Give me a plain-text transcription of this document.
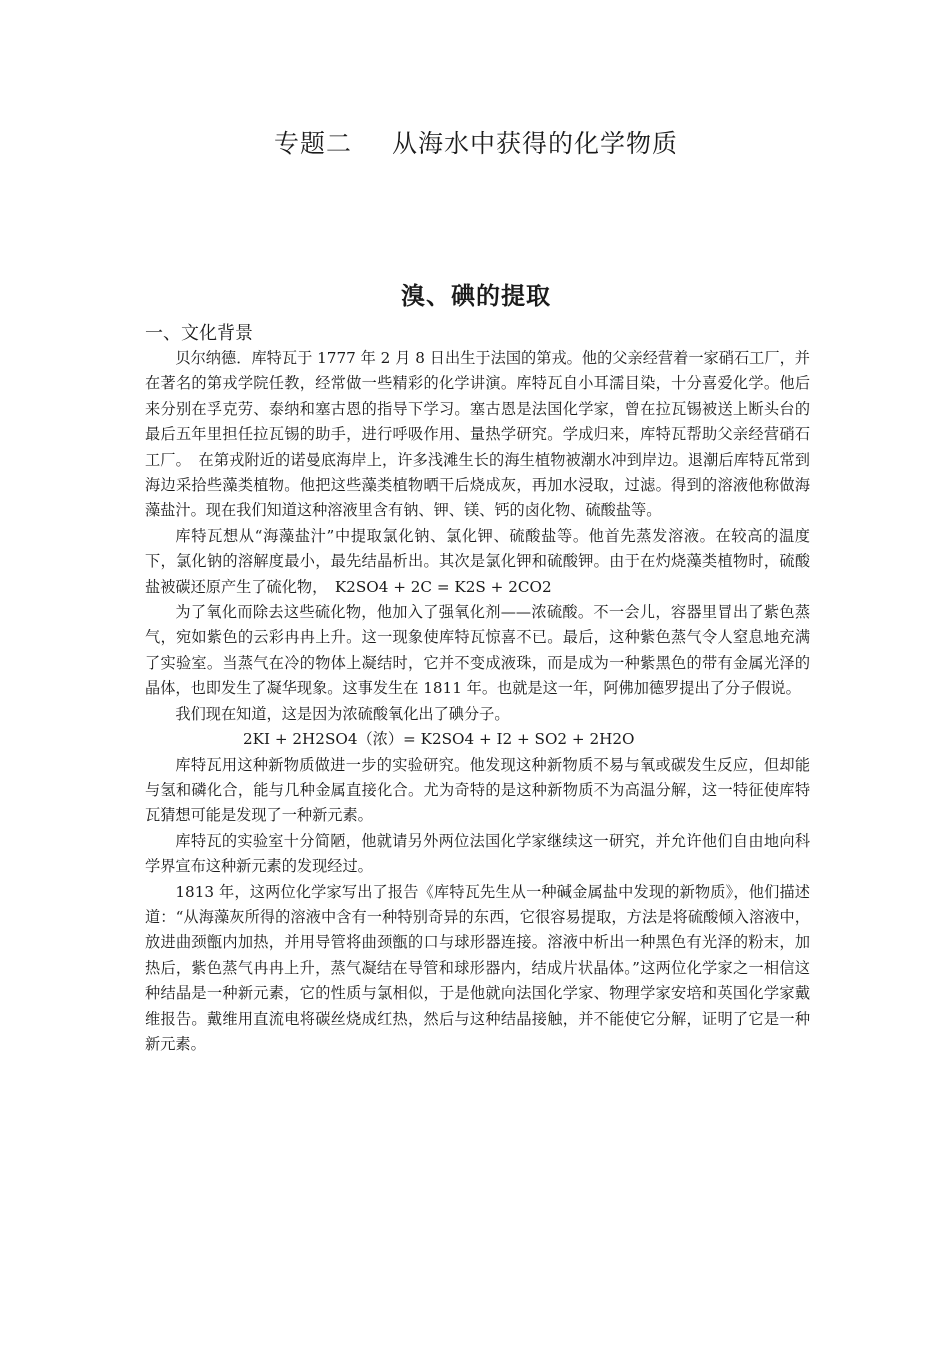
专题二 从海水中获得的化学物质
溴、碘的提取
一、文化背景

贝尔纳德．库特瓦于 1777 年 2 月 8 日出生于法国的第戎。他的父亲经营着一家硝石工厂，并在著名的第戎学院任教，经常做一些精彩的化学讲演。库特瓦自小耳濡目染，十分喜爱化学。他后来分别在孚克劳、泰纳和塞古恩的指导下学习。塞古恩是法国化学家，曾在拉瓦锡被送上断头台的最后五年里担任拉瓦锡的助手，进行呼吸作用、量热学研究。学成归来，库特瓦帮助父亲经营硝石工厂。　在第戎附近的诺曼底海岸上，许多浅滩生长的海生植物被潮水冲到岸边。退潮后库特瓦常到海边采拾些藻类植物。他把这些藻类植物晒干后烧成灰，再加水浸取，过滤。得到的溶液他称做海藻盐汁。现在我们知道这种溶液里含有钠、钾、镁、钙的卤化物、硫酸盐等。

库特瓦想从“海藻盐汁”中提取氯化钠、氯化钾、硫酸盐等。他首先蒸发溶液。在较高的温度下，氯化钠的溶解度最小，最先结晶析出。其次是氯化钾和硫酸钾。由于在灼烧藻类植物时，硫酸盐被碳还原产生了硫化物，　K2SO4 + 2C = K2S + 2CO2

为了氧化而除去这些硫化物，他加入了强氧化剂——浓硫酸。不一会儿，容器里冒出了紫色蒸气，宛如紫色的云彩冉冉上升。这一现象使库特瓦惊喜不已。最后，这种紫色蒸气令人窒息地充满了实验室。当蒸气在冷的物体上凝结时，它并不变成液珠，而是成为一种紫黑色的带有金属光泽的晶体，也即发生了凝华现象。这事发生在 1811 年。也就是这一年，阿佛加德罗提出了分子假说。

我们现在知道，这是因为浓硫酸氧化出了碘分子。

2KI + 2H2SO4（浓）= K2SO4 + I2 + SO2 + 2H2O

库特瓦用这种新物质做进一步的实验研究。他发现这种新物质不易与氧或碳发生反应，但却能与氢和磷化合，能与几种金属直接化合。尤为奇特的是这种新物质不为高温分解，这一特征使库特瓦猜想可能是发现了一种新元素。

库特瓦的实验室十分简陋，他就请另外两位法国化学家继续这一研究，并允许他们自由地向科学界宣布这种新元素的发现经过。

1813 年，这两位化学家写出了报告《库特瓦先生从一种碱金属盐中发现的新物质》，他们描述道：“从海藻灰所得的溶液中含有一种特别奇异的东西，它很容易提取，方法是将硫酸倾入溶液中，放进曲颈甑内加热，并用导管将曲颈甑的口与球形器连接。溶液中析出一种黑色有光泽的粉末，加热后，紫色蒸气冉冉上升，蒸气凝结在导管和球形器内，结成片状晶体。”这两位化学家之一相信这种结晶是一种新元素，它的性质与氯相似，于是他就向法国化学家、物理学家安培和英国化学家戴维报告。戴维用直流电将碳丝烧成红热，然后与这种结晶接触，并不能使它分解，证明了它是一种新元素。
